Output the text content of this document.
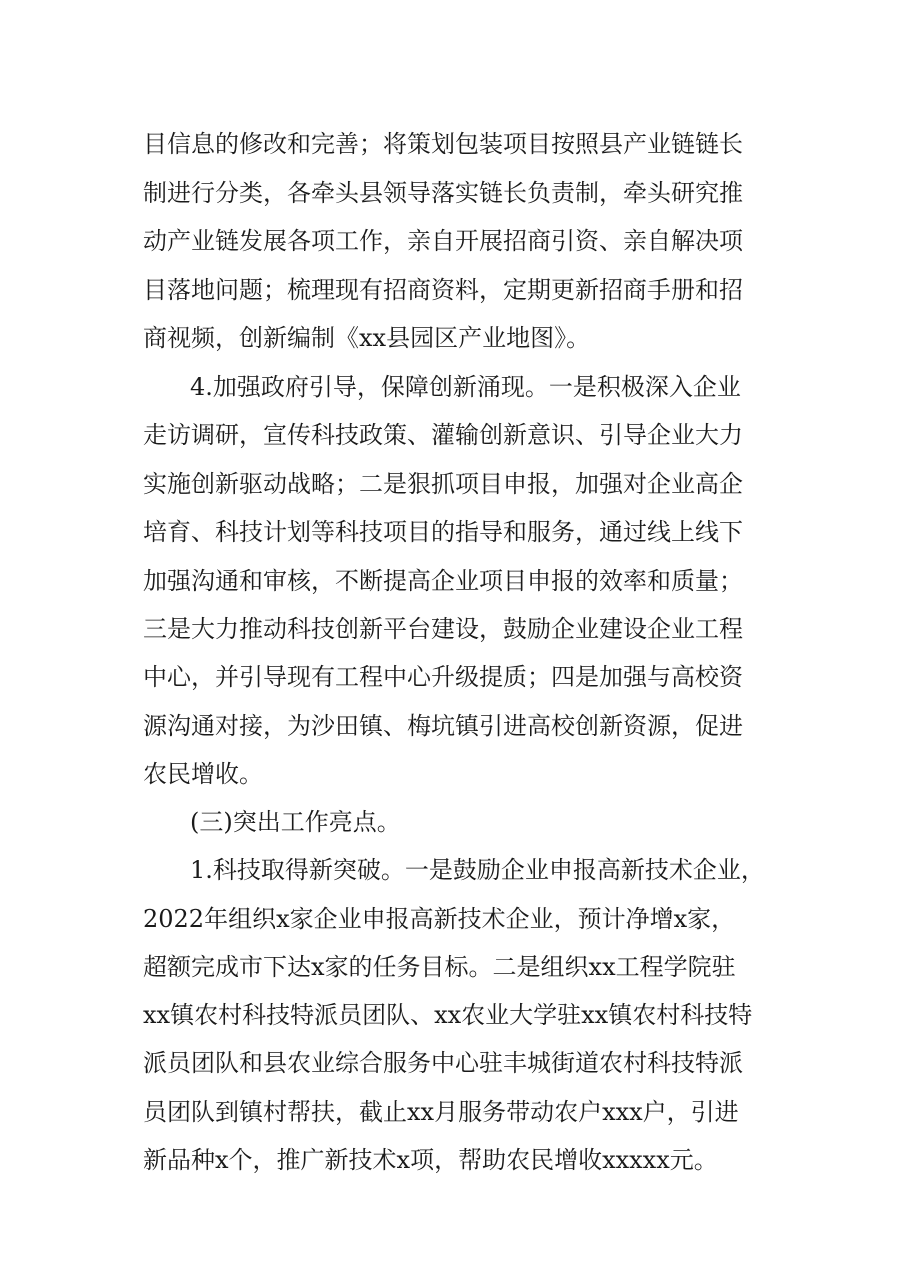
目信息的修改和完善；将策划包装项目按照县产业链链长
制进行分类，各牵头县领导落实链长负责制，牵头研究推
动产业链发展各项工作，亲自开展招商引资、亲自解决项
目落地问题；梳理现有招商资料，定期更新招商手册和招
商视频，创新编制《xx县园区产业地图》。
4.加强政府引导，保障创新涌现。一是积极深入企业
走访调研，宣传科技政策、灌输创新意识、引导企业大力
实施创新驱动战略；二是狠抓项目申报，加强对企业高企
培育、科技计划等科技项目的指导和服务，通过线上线下
加强沟通和审核，不断提高企业项目申报的效率和质量；
三是大力推动科技创新平台建设，鼓励企业建设企业工程
中心，并引导现有工程中心升级提质；四是加强与高校资
源沟通对接，为沙田镇、梅坑镇引进高校创新资源，促进
农民增收。
(三)突出工作亮点。
1.科技取得新突破。一是鼓励企业申报高新技术企业，
2022年组织x家企业申报高新技术企业，预计净增x家，
超额完成市下达x家的任务目标。二是组织xx工程学院驻
xx镇农村科技特派员团队、xx农业大学驻xx镇农村科技特
派员团队和县农业综合服务中心驻丰城街道农村科技特派
员团队到镇村帮扶，截止xx月服务带动农户xxx户，引进
新品种x个，推广新技术x项，帮助农民增收xxxxx元。
